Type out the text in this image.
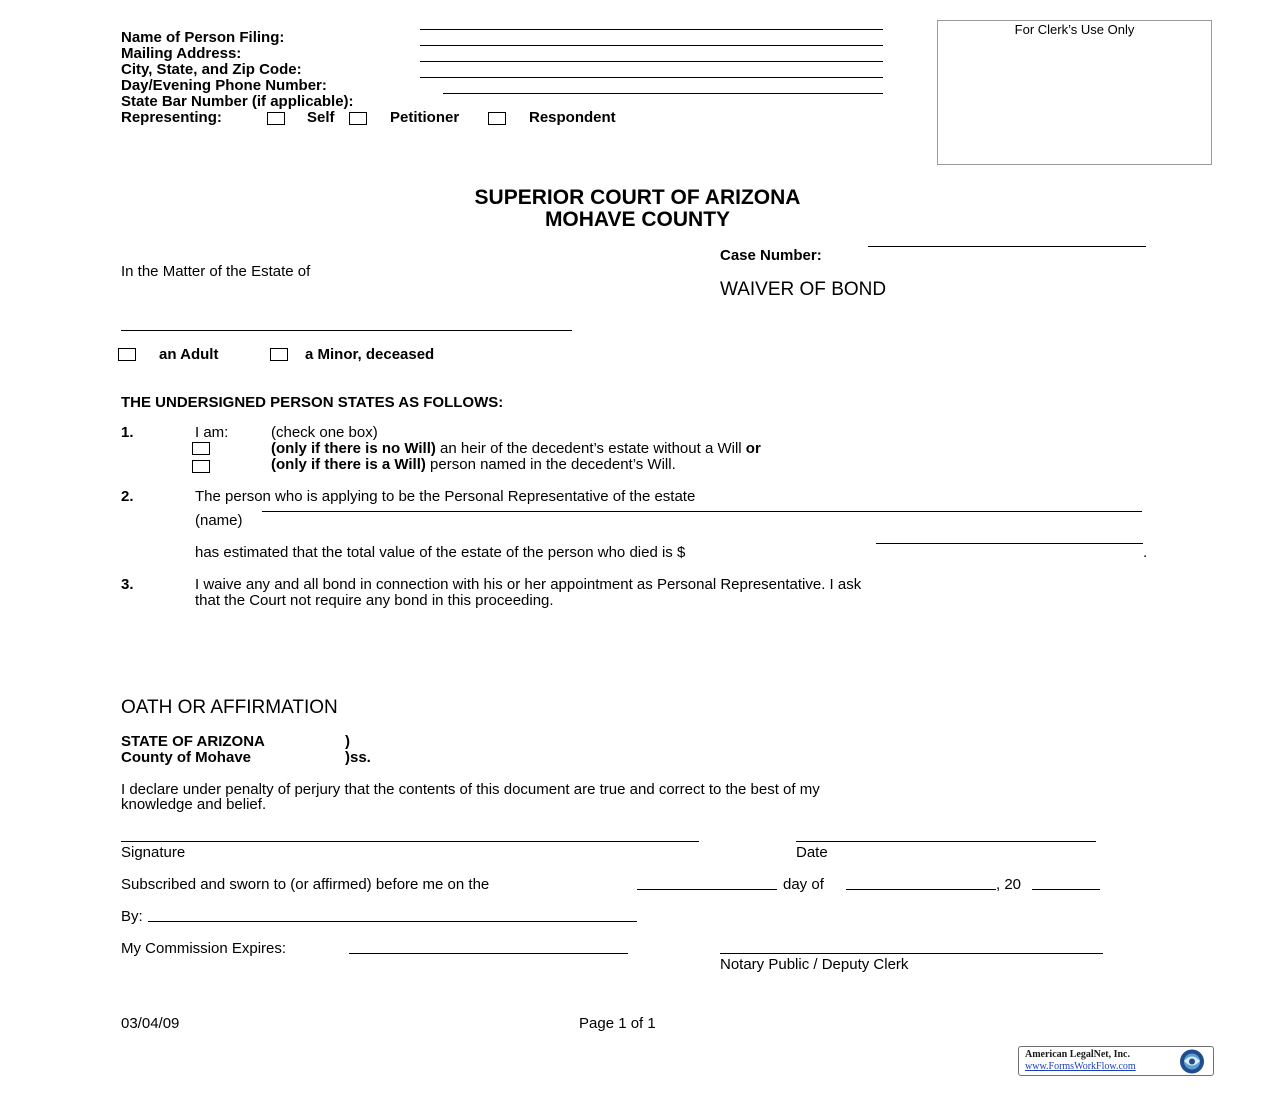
Name of Person Filing:
Mailing Address:
City, State, and Zip Code:
Day/Evening Phone Number:
State Bar Number (if applicable):
Representing:	Self	Petitioner	Respondent
For Clerk’s Use Only
SUPERIOR COURT OF ARIZONA
MOHAVE COUNTY
Case Number:
In the Matter of the Estate of
WAIVER OF BOND
an Adult	a Minor, deceased
THE UNDERSIGNED PERSON STATES AS FOLLOWS:
1.	I am:	(check one box)
(only if there is no Will) an heir of the decedent’s estate without a Will or
(only if there is a Will) person named in the decedent’s Will.
2.	The person who is applying to be the Personal Representative of the estate
(name)
has estimated that the total value of the estate of the person who died is $	.
3.	I waive any and all bond in connection with his or her appointment as Personal Representative. I ask
that the Court not require any bond in this proceeding.
OATH OR AFFIRMATION
STATE OF ARIZONA	)
County of Mohave	)ss.
I declare under penalty of perjury that the contents of this document are true and correct to the best of my
knowledge and belief.
Signature	Date
Subscribed and sworn to (or affirmed) before me on the	day of	, 20
By:
My Commission Expires:
Notary Public / Deputy Clerk
03/04/09	Page 1 of 1
American LegalNet, Inc.
www.FormsWorkFlow.com
